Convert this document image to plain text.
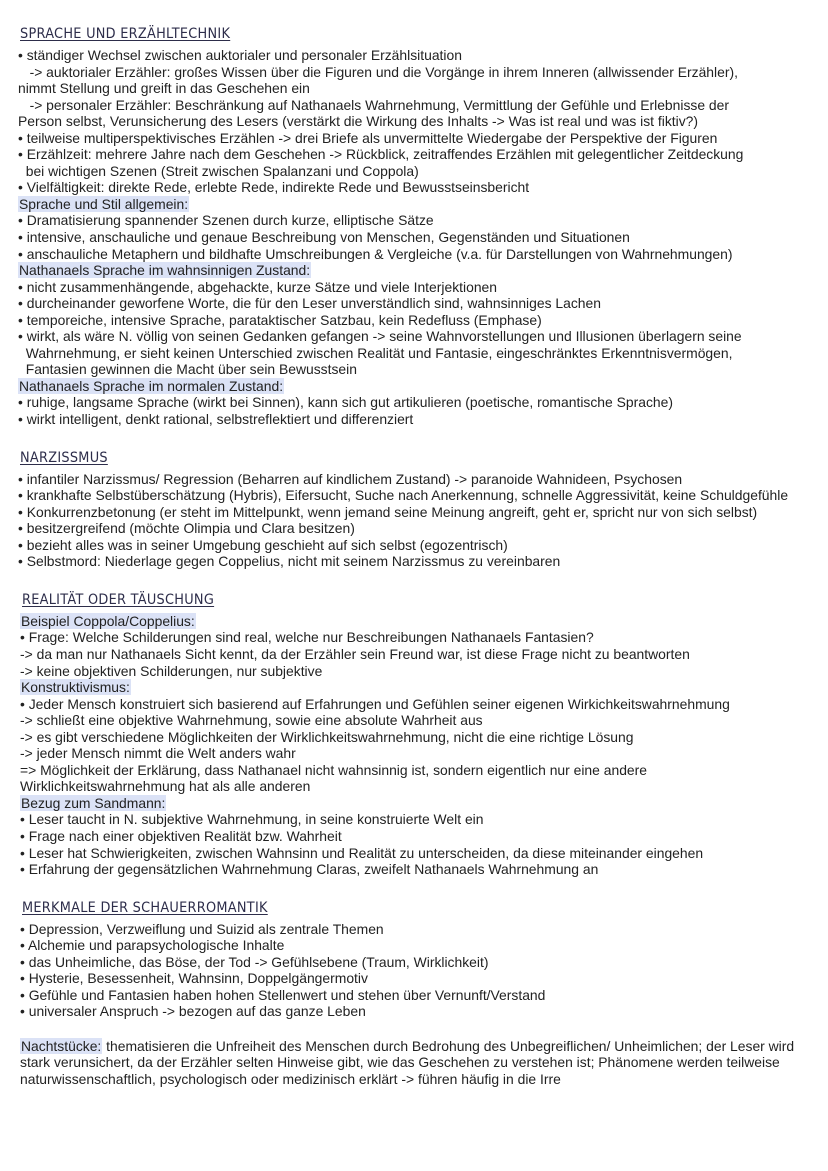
SPRACHE UND ERZÄHLTECHNIK
• ständiger Wechsel zwischen auktorialer und personaler Erzählsituation
-> auktorialer Erzähler: großes Wissen über die Figuren und die Vorgänge in ihrem Inneren (allwissender Erzähler),
nimmt Stellung und greift in das Geschehen ein
-> personaler Erzähler: Beschränkung auf Nathanaels Wahrnehmung, Vermittlung der Gefühle und Erlebnisse der
Person selbst, Verunsicherung des Lesers (verstärkt die Wirkung des Inhalts -> Was ist real und was ist fiktiv?)
• teilweise multiperspektivisches Erzählen -> drei Briefe als unvermittelte Wiedergabe der Perspektive der Figuren
• Erzählzeit: mehrere Jahre nach dem Geschehen -> Rückblick, zeitraffendes Erzählen mit gelegentlicher Zeitdeckung
bei wichtigen Szenen (Streit zwischen Spalanzani und Coppola)
• Vielfältigkeit: direkte Rede, erlebte Rede, indirekte Rede und Bewusstseinsbericht
Sprache und Stil allgemein:
• Dramatisierung spannender Szenen durch kurze, elliptische Sätze
• intensive, anschauliche und genaue Beschreibung von Menschen, Gegenständen und Situationen
• anschauliche Metaphern und bildhafte Umschreibungen & Vergleiche (v.a. für Darstellungen von Wahrnehmungen)
Nathanaels Sprache im wahnsinnigen Zustand:
• nicht zusammenhängende, abgehackte, kurze Sätze und viele Interjektionen
• durcheinander geworfene Worte, die für den Leser unverständlich sind, wahnsinniges Lachen
• temporeiche, intensive Sprache, parataktischer Satzbau, kein Redefluss (Emphase)
• wirkt, als wäre N. völlig von seinen Gedanken gefangen -> seine Wahnvorstellungen und Illusionen überlagern seine
Wahrnehmung, er sieht keinen Unterschied zwischen Realität und Fantasie, eingeschränktes Erkenntnisvermögen,
Fantasien gewinnen die Macht über sein Bewusstsein
Nathanaels Sprache im normalen Zustand:
• ruhige, langsame Sprache (wirkt bei Sinnen), kann sich gut artikulieren (poetische, romantische Sprache)
• wirkt intelligent, denkt rational, selbstreflektiert und differenziert
NARZISSMUS
• infantiler Narzissmus/ Regression (Beharren auf kindlichem Zustand) -> paranoide Wahnideen, Psychosen
• krankhafte Selbstüberschätzung (Hybris), Eifersucht, Suche nach Anerkennung, schnelle Aggressivität, keine Schuldgefühle
• Konkurrenzbetonung (er steht im Mittelpunkt, wenn jemand seine Meinung angreift, geht er, spricht nur von sich selbst)
• besitzergreifend (möchte Olimpia und Clara besitzen)
• bezieht alles was in seiner Umgebung geschieht auf sich selbst (egozentrisch)
• Selbstmord: Niederlage gegen Coppelius, nicht mit seinem Narzissmus zu vereinbaren
REALITÄT ODER TÄUSCHUNG
Beispiel Coppola/Coppelius:
• Frage: Welche Schilderungen sind real, welche nur Beschreibungen Nathanaels Fantasien?
-> da man nur Nathanaels Sicht kennt, da der Erzähler sein Freund war, ist diese Frage nicht zu beantworten
-> keine objektiven Schilderungen, nur subjektive
Konstruktivismus:
• Jeder Mensch konstruiert sich basierend auf Erfahrungen und Gefühlen seiner eigenen Wirkichkeitswahrnehmung
-> schließt eine objektive Wahrnehmung, sowie eine absolute Wahrheit aus
-> es gibt verschiedene Möglichkeiten der Wirklichkeitswahrnehmung, nicht die eine richtige Lösung
-> jeder Mensch nimmt die Welt anders wahr
=> Möglichkeit der Erklärung, dass Nathanael nicht wahnsinnig ist, sondern eigentlich nur eine andere
Wirklichkeitswahrnehmung hat als alle anderen
Bezug zum Sandmann:
• Leser taucht in N. subjektive Wahrnehmung, in seine konstruierte Welt ein
• Frage nach einer objektiven Realität bzw. Wahrheit
• Leser hat Schwierigkeiten, zwischen Wahnsinn und Realität zu unterscheiden, da diese miteinander eingehen
• Erfahrung der gegensätzlichen Wahrnehmung Claras, zweifelt Nathanaels Wahrnehmung an
MERKMALE DER SCHAUERROMANTIK
• Depression, Verzweiflung und Suizid als zentrale Themen
• Alchemie und parapsychologische Inhalte
• das Unheimliche, das Böse, der Tod -> Gefühlsebene (Traum, Wirklichkeit)
• Hysterie, Besessenheit, Wahnsinn, Doppelgängermotiv
• Gefühle und Fantasien haben hohen Stellenwert und stehen über Vernunft/Verstand
• universaler Anspruch -> bezogen auf das ganze Leben
Nachtstücke: thematisieren die Unfreiheit des Menschen durch Bedrohung des Unbegreiflichen/ Unheimlichen; der Leser wird stark verunsichert, da der Erzähler selten Hinweise gibt, wie das Geschehen zu verstehen ist; Phänomene werden teilweise naturwissenschaftlich, psychologisch oder medizinisch erklärt -> führen häufig in die Irre
